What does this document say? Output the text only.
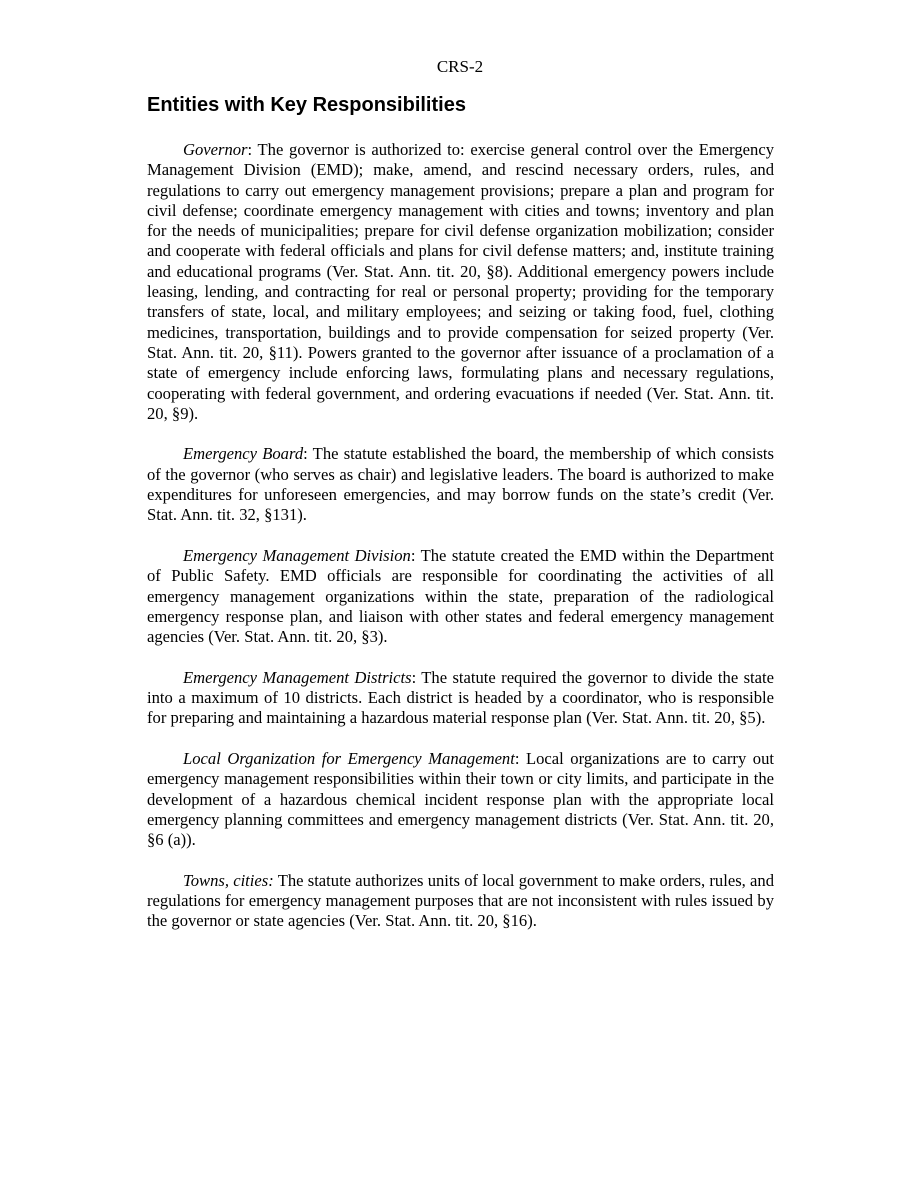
CRS-2
Entities with Key Responsibilities

Governor: The governor is authorized to: exercise general control over the Emergency Management Division (EMD); make, amend, and rescind necessary orders, rules, and regulations to carry out emergency management provisions; prepare a plan and program for civil defense; coordinate emergency management with cities and towns; inventory and plan for the needs of municipalities; prepare for civil defense organization mobilization; consider and cooperate with federal officials and plans for civil defense matters; and, institute training and educational programs (Ver. Stat. Ann. tit. 20, §8). Additional emergency powers include leasing, lending, and contracting for real or personal property; providing for the temporary transfers of state, local, and military employees; and seizing or taking food, fuel, clothing medicines, transportation, buildings and to provide compensation for seized property (Ver. Stat. Ann. tit. 20, §11). Powers granted to the governor after issuance of a proclamation of a state of emergency include enforcing laws, formulating plans and necessary regulations, cooperating with federal government, and ordering evacuations if needed (Ver. Stat. Ann. tit. 20, §9).

Emergency Board: The statute established the board, the membership of which consists of the governor (who serves as chair) and legislative leaders. The board is authorized to make expenditures for unforeseen emergencies, and may borrow funds on the state’s credit (Ver. Stat. Ann. tit. 32, §131).

Emergency Management Division: The statute created the EMD within the Department of Public Safety. EMD officials are responsible for coordinating the activities of all emergency management organizations within the state, preparation of the radiological emergency response plan, and liaison with other states and federal emergency management agencies (Ver. Stat. Ann. tit. 20, §3).

Emergency Management Districts: The statute required the governor to divide the state into a maximum of 10 districts. Each district is headed by a coordinator, who is responsible for preparing and maintaining a hazardous material response plan (Ver. Stat. Ann. tit. 20, §5).

Local Organization for Emergency Management: Local organizations are to carry out emergency management responsibilities within their town or city limits, and participate in the development of a hazardous chemical incident response plan with the appropriate local emergency planning committees and emergency management districts (Ver. Stat. Ann. tit. 20, §6 (a)).

Towns, cities: The statute authorizes units of local government to make orders, rules, and regulations for emergency management purposes that are not inconsistent with rules issued by the governor or state agencies (Ver. Stat. Ann. tit. 20, §16).
